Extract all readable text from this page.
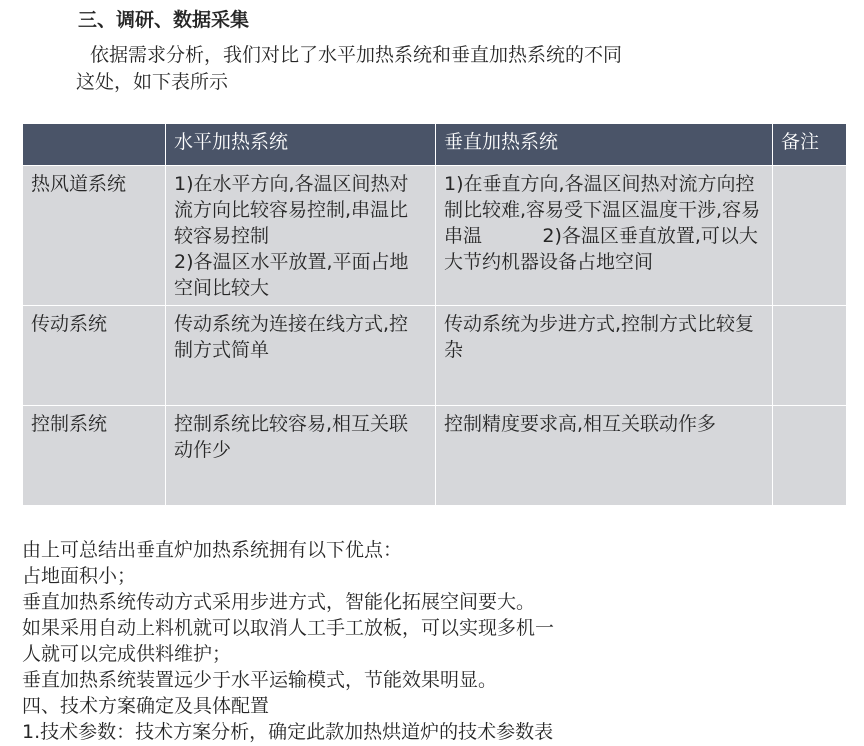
三、调研、数据采集

依据需求分析，我们对比了水平加热系统和垂直加热系统的不同

这处，如下表所示

	水平加热系统	垂直加热系统	备注
热风道系统	1)在水平方向,各温区间热对流方向比较容易控制,串温比较容易控制
2)各温区水平放置,平面占地空间比较大	1)在垂直方向,各温区间热对流方向控制比较难,容易受下温区温度干涉,容易串温          2)各温区垂直放置,可以大大节约机器设备占地空间	
传动系统	传动系统为连接在线方式,控制方式简单	传动系统为步进方式,控制方式比较复杂	
控制系统	控制系统比较容易,相互关联动作少	控制精度要求高,相互关联动作多	

由上可总结出垂直炉加热系统拥有以下优点：

占地面积小；

垂直加热系统传动方式采用步进方式，智能化拓展空间要大。

如果采用自动上料机就可以取消人工手工放板，可以实现多机一

人就可以完成供料维护；

垂直加热系统装置远少于水平运输模式，节能效果明显。

四、技术方案确定及具体配置

1.技术参数：技术方案分析，确定此款加热烘道炉的技术参数表
